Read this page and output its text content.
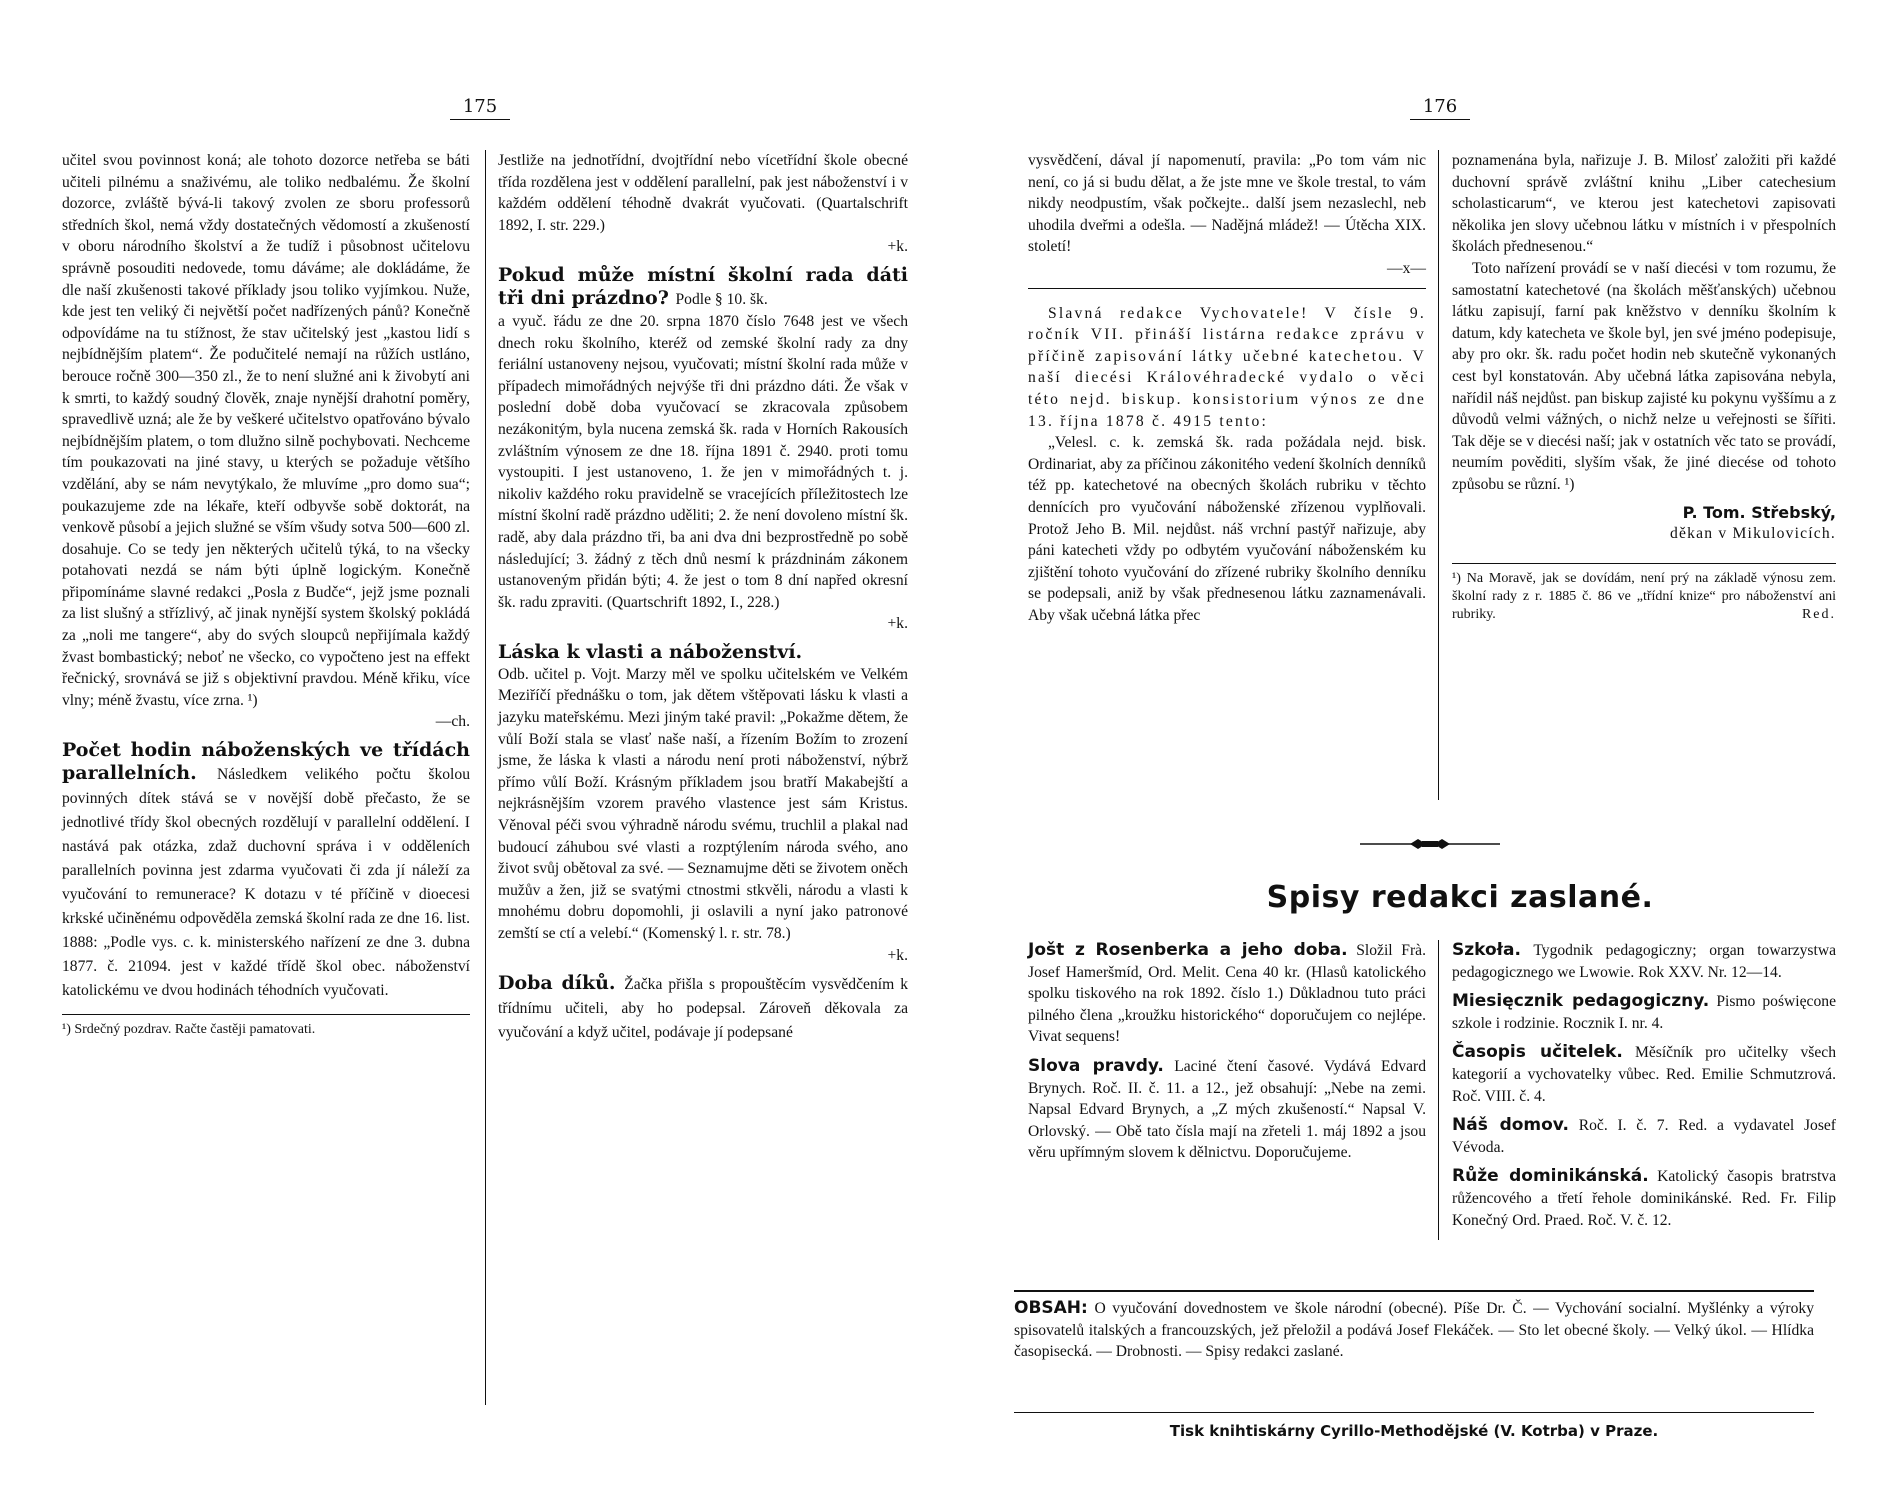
175	176

učitel svou povinnost koná; ale tohoto dozorce netřeba se báti učiteli pilnému a snaživému, ale toliko nedbalému. Že školní dozorce, zvláště bývá-li takový zvolen ze sboru professorů středních škol, nemá vždy dostatečných vědomostí a zkušeností v oboru národního školství a že tudíž i působnost učitelovu správně posouditi nedovede, tomu dáváme; ale dokládáme, že dle naší zkušenosti takové příklady jsou toliko vyjímkou. Nuže, kde jest ten veliký či největší počet nadřízených pánů? Konečně odpovídáme na tu stížnost, že stav učitelský jest „kastou lidí s nejbídnějším platem“. Že podučitelé nemají na růžích ustláno, berouce ročně 300—350 zl., že to není služné ani k živobytí ani k smrti, to každý soudný člověk, znaje nynější drahotní poměry, spravedlivě uzná; ale že by veškeré učitelstvo opatřováno bývalo nejbídnějším platem, o tom dlužno silně pochybovati. Nechceme tím poukazovati na jiné stavy, u kterých se požaduje většího vzdělání, aby se nám nevytýkalo, že mluvíme „pro domo sua“; poukazujeme zde na lékaře, kteří odbyvše sobě doktorát, na venkově působí a jejich služné se vším všudy sotva 500—600 zl. dosahuje. Co se tedy jen některých učitelů týká, to na všecky potahovati nezdá se nám býti úplně logickým. Konečně připomínáme slavné redakci „Posla z Budče“, jejž jsme poznali za list slušný a střízlivý, ač jinak nynější system školský pokládá za „noli me tangere“, aby do svých sloupců nepřijímala každý žvast bombastický; neboť ne všecko, co vypočteno jest na effekt řečnický, srovnává se již s objektivní pravdou. Méně křiku, více vlny; méně žvastu, více zrna. ¹)

—ch.

Počet hodin náboženských ve třídách parallelních. Následkem velikého počtu školou povinných dítek stává se v novější době přečasto, že se jednotlivé třídy škol obecných rozdělují v parallelní oddělení. I nastává pak otázka, zdaž duchovní správa i v odděleních parallelních povinna jest zdarma vyučovati či zda jí náleží za vyučování to remunerace? K dotazu v té příčině v dioecesi krkské učiněnému odpověděla zemská školní rada ze dne 16. list. 1888: „Podle vys. c. k. ministerského nařízení ze dne 3. dubna 1877. č. 21094. jest v každé třídě škol obec. náboženství katolickému ve dvou hodinách téhodních vyučovati.
¹) Srdečný pozdrav. Račte častěji pamatovati.

Jestliže na jednotřídní, dvojtřídní nebo vícetřídní škole obecné třída rozdělena jest v oddělení parallelní, pak jest náboženství i v každém oddělení téhodně dvakrát vyučovati. (Quartalschrift 1892, I. str. 229.)

+k.

Pokud může místní školní rada dáti tři dni prázdno? Podle § 10. šk.

a vyuč. řádu ze dne 20. srpna 1870 číslo 7648 jest ve všech dnech roku školního, kteréž od zemské školní rady za dny feriální ustanoveny nejsou, vyučovati; místní školní rada může v případech mimořádných nejvýše tři dni prázdno dáti. Že však v poslední době doba vyučovací se zkracovala způsobem nezákonitým, byla nucena zemská šk. rada v Horních Rakousích zvláštním výnosem ze dne 18. října 1891 č. 2940. proti tomu vystoupiti. I jest ustanoveno, 1. že jen v mimořádných t. j. nikoliv každého roku pravidelně se vracejících příležitostech lze místní školní radě prázdno uděliti; 2. že není dovoleno místní šk. radě, aby dala prázdno tři, ba ani dva dni bezprostředně po sobě následující; 3. žádný z těch dnů nesmí k prázdninám zákonem ustanoveným přidán býti; 4. že jest o tom 8 dní napřed okresní šk. radu zpraviti. (Quartschrift 1892, I., 228.)

+k.

Láska k vlasti a náboženství.

Odb. učitel p. Vojt. Marzy měl ve spolku učitelském ve Velkém Meziříčí přednášku o tom, jak dětem vštěpovati lásku k vlasti a jazyku mateřskému. Mezi jiným také pravil: „Pokažme dětem, že vůlí Boží stala se vlasť naše naší, a řízením Božím to zrození jsme, že láska k vlasti a národu není proti náboženství, nýbrž přímo vůlí Boží. Krásným příkladem jsou bratří Makabejští a nejkrásnějším vzorem pravého vlastence jest sám Kristus. Věnoval péči svou výhradně národu svému, truchlil a plakal nad budoucí záhubou své vlasti a rozptýlením národa svého, ano život svůj obětoval za své. — Seznamujme děti se životem oněch mužův a žen, již se svatými ctnostmi stkvěli, národu a vlasti k mnohému dobru dopomohli, ji oslavili a nyní jako patronové zemští se ctí a velebí.“ (Komenský l. r. str. 78.)

+k.

Doba díků. Žačka přišla s propouštěcím vysvědčením k třídnímu učiteli, aby ho podepsal. Zároveň děkovala za vyučování a když učitel, podávaje jí podepsané

vysvědčení, dával jí napomenutí, pravila: „Po tom vám nic není, co já si budu dělat, a že jste mne ve škole trestal, to vám nikdy neodpustím, však počkejte.. další jsem nezaslechl, neb uhodila dveřmi a odešla. — Nadějná mládež! — Útěcha XIX. století!

—x—

Slavná redakce Vychovatele! V čísle 9. ročník VII. přináší listárna redakce zprávu v příčině zapisování látky učebné katechetou. V naší diecési Královéhradecké vydalo o věci této nejd. biskup. konsistorium výnos ze dne 13. října 1878 č. 4915 tento:

„Velesl. c. k. zemská šk. rada požádala nejd. bisk. Ordinariat, aby za příčinou zákonitého vedení školních denníků též pp. katechetové na obecných školách rubriku v těchto dennících pro vyučování náboženské zřízenou vyplňovali. Protož Jeho B. Mil. nejdůst. náš vrchní pastýř nařizuje, aby páni katecheti vždy po odbytém vyučování náboženském ku zjištění tohoto vyučování do zřízené rubriky školního denníku se podepsali, aniž by však přednesenou látku zaznamenávali. Aby však učebná látka přec

poznamenána byla, nařizuje J. B. Milosť založiti při každé duchovní správě zvláštní knihu „Liber catechesium scholasticarum“, ve kterou jest katechetovi zapisovati několika jen slovy učebnou látku v místních i v přespolních školách přednesenou.“

Toto nařízení provádí se v naší diecési v tom rozumu, že samostatní katechetové (na školách měšťanských) učebnou látku zapisují, farní pak kněžstvo v denníku školním k datum, kdy katecheta ve škole byl, jen své jméno podepisuje, aby pro okr. šk. radu počet hodin neb skutečně vykonaných cest byl konstatován. Aby učebná látka zapisována nebyla, nařídil náš nejdůst. pan biskup zajisté ku pokynu vyššímu a z důvodů velmi vážných, o nichž nelze u veřejnosti se šířiti. Tak děje se v diecési naší; jak v ostatních věc tato se provádí, neumím pověditi, slyším však, že jiné diecése od tohoto způsobu se různí. ¹)

P. Tom. Střebský,
děkan v Mikulovicích.
¹) Na Moravě, jak se dovídám, není prý na základě výnosu zem. školní rady z r. 1885 č. 86 ve „třídní knize“ pro náboženství ani rubriky.	Red.
Spisy redakci zaslané.
Jošt z Rosenberka a jeho doba. Složil Frà. Josef Hameršmíd, Ord. Melit. Cena 40 kr. (Hlasů katolického spolku tiskového na rok 1892. číslo 1.) Důkladnou tuto práci pilného člena „kroužku historického“ doporučujem co nejlépe. Vivat sequens!
Slova pravdy. Laciné čtení časové. Vydává Edvard Brynych. Roč. II. č. 11. a 12., jež obsahují: „Nebe na zemi. Napsal Edvard Brynych, a „Z mých zkušeností.“ Napsal V. Orlovský. — Obě tato čísla mají na zřeteli 1. máj 1892 a jsou věru upřímným slovem k dělnictvu. Doporučujeme.
Szkoła. Tygodnik pedagogiczny; organ towarzystwa pedagogicznego we Lwowie. Rok XXV. Nr. 12—14.
Miesięcznik pedagogiczny. Pismo poświęcone szkole i rodzinie. Rocznik I. nr. 4.
Časopis učitelek. Měsíčník pro učitelky všech kategorií a vychovatelky vůbec. Red. Emilie Schmutzrová. Roč. VIII. č. 4.
Náš domov. Roč. I. č. 7. Red. a vydavatel Josef Vévoda.
Růže dominikánská. Katolický časopis bratrstva růžencového a třetí řehole dominikánské. Red. Fr. Filip Konečný Ord. Praed. Roč. V. č. 12.
OBSAH: O vyučování dovednostem ve škole národní (obecné). Píše Dr. Č. — Vychování socialní. Myšlénky a výroky spisovatelů italských a francouzských, jež přeložil a podává Josef Flekáček. — Sto let obecné školy. — Velký úkol. — Hlídka časopisecká. — Drobnosti. — Spisy redakci zaslané.
Tisk knihtiskárny Cyrillo-Methodějské (V. Kotrba) v Praze.
